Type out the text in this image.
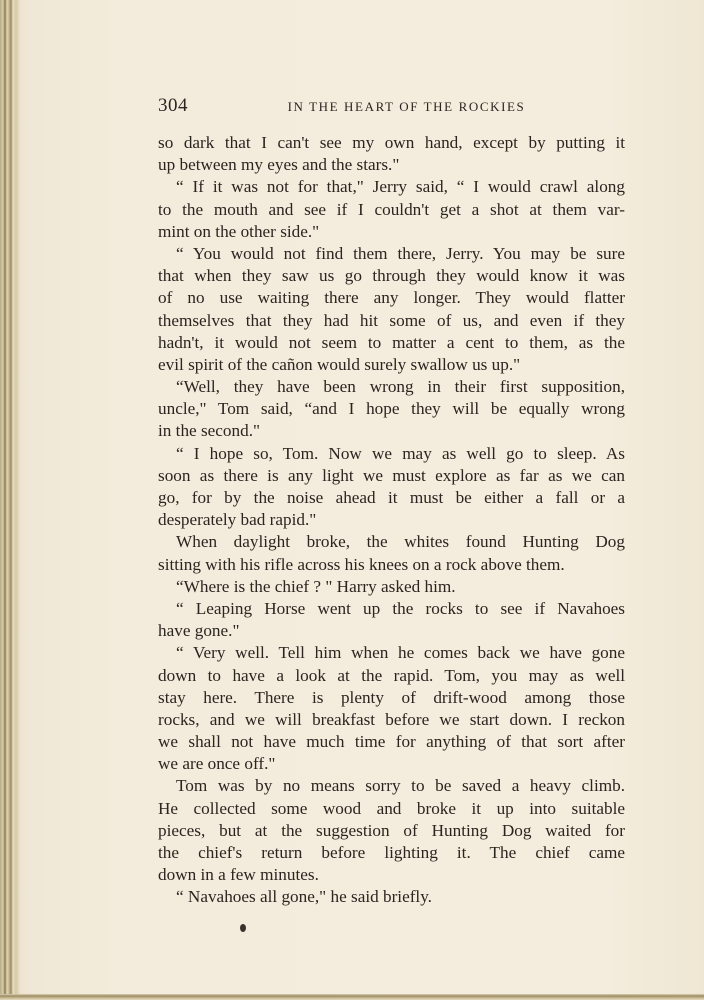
304	IN THE HEART OF THE ROCKIES
so dark that I can't see my own hand, except by putting it
up between my eyes and the stars."
“ If it was not for that," Jerry said, “ I would crawl along
to the mouth and see if I couldn't get a shot at them var-
mint on the other side."
“ You would not find them there, Jerry. You may be sure
that when they saw us go through they would know it was
of no use waiting there any longer. They would flatter
themselves that they had hit some of us, and even if they
hadn't, it would not seem to matter a cent to them, as the
evil spirit of the cañon would surely swallow us up."
“Well, they have been wrong in their first supposition,
uncle," Tom said, “and I hope they will be equally wrong
in the second."
“ I hope so, Tom. Now we may as well go to sleep. As
soon as there is any light we must explore as far as we can
go, for by the noise ahead it must be either a fall or a
desperately bad rapid."
When daylight broke, the whites found Hunting Dog
sitting with his rifle across his knees on a rock above them.
“Where is the chief ? " Harry asked him.
“ Leaping Horse went up the rocks to see if Navahoes
have gone."
“ Very well. Tell him when he comes back we have gone
down to have a look at the rapid. Tom, you may as well
stay here. There is plenty of drift-wood among those
rocks, and we will breakfast before we start down. I reckon
we shall not have much time for anything of that sort after
we are once off."
Tom was by no means sorry to be saved a heavy climb.
He collected some wood and broke it up into suitable
pieces, but at the suggestion of Hunting Dog waited for
the chief's return before lighting it. The chief came
down in a few minutes.
“ Navahoes all gone," he said briefly.
